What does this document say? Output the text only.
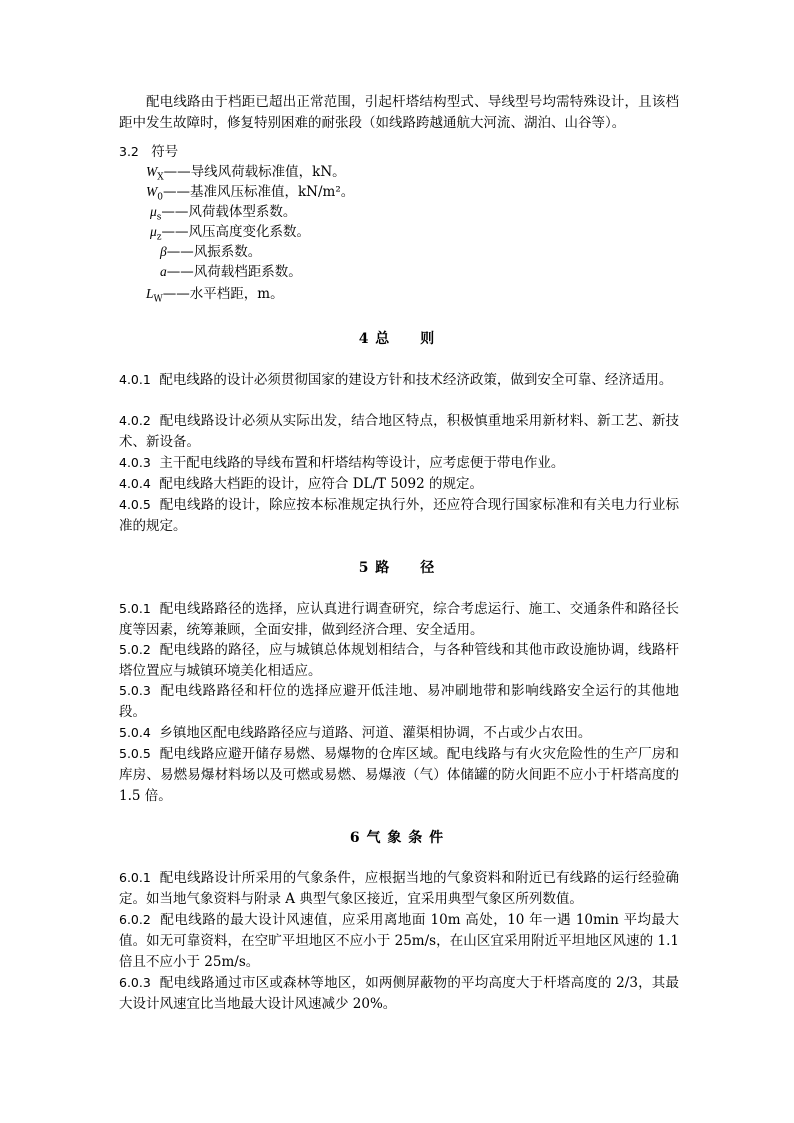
配电线路由于档距已超出正常范围，引起杆塔结构型式、导线型号均需特殊设计，且该档距中发生故障时，修复特别困难的耐张段（如线路跨越通航大河流、湖泊、山谷等）。
3.2 符号
$W_X——$导线风荷载标准值，kN。
$W_0——$基准风压标准值，kN/m²。
$\mu_s——$风荷载体型系数。
$\mu_z——$风压高度变化系数。
β——风振系数。
a——风荷载档距系数。
$L_W——$水平档距，m。
4 总　　则
4.0.1 配电线路的设计必须贯彻国家的建设方针和技术经济政策，做到安全可靠、经济适用。
4.0.2 配电线路设计必须从实际出发，结合地区特点，积极慎重地采用新材料、新工艺、新技术、新设备。
4.0.3 主干配电线路的导线布置和杆塔结构等设计，应考虑便于带电作业。
4.0.4 配电线路大档距的设计，应符合 DL/T 5092 的规定。
4.0.5 配电线路的设计，除应按本标准规定执行外，还应符合现行国家标准和有关电力行业标准的规定。
5 路　　径
5.0.1 配电线路路径的选择，应认真进行调查研究，综合考虑运行、施工、交通条件和路径长度等因素，统筹兼顾，全面安排，做到经济合理、安全适用。
5.0.2 配电线路的路径，应与城镇总体规划相结合，与各种管线和其他市政设施协调，线路杆塔位置应与城镇环境美化相适应。
5.0.3 配电线路路径和杆位的选择应避开低洼地、易冲刷地带和影响线路安全运行的其他地段。
5.0.4 乡镇地区配电线路路径应与道路、河道、灌渠相协调，不占或少占农田。
5.0.5 配电线路应避开储存易燃、易爆物的仓库区域。配电线路与有火灾危险性的生产厂房和库房、易燃易爆材料场以及可燃或易燃、易爆液（气）体储罐的防火间距不应小于杆塔高度的 1.5 倍。
6 气 象 条 件
6.0.1 配电线路设计所采用的气象条件，应根据当地的气象资料和附近已有线路的运行经验确定。如当地气象资料与附录 A 典型气象区接近，宜采用典型气象区所列数值。
6.0.2 配电线路的最大设计风速值，应采用离地面 10m 高处，10 年一遇 10min 平均最大值。如无可靠资料，在空旷平坦地区不应小于 25m/s，在山区宜采用附近平坦地区风速的 1.1 倍且不应小于 25m/s。
6.0.3 配电线路通过市区或森林等地区，如两侧屏蔽物的平均高度大于杆塔高度的 2/3，其最大设计风速宜比当地最大设计风速减少 20%。
